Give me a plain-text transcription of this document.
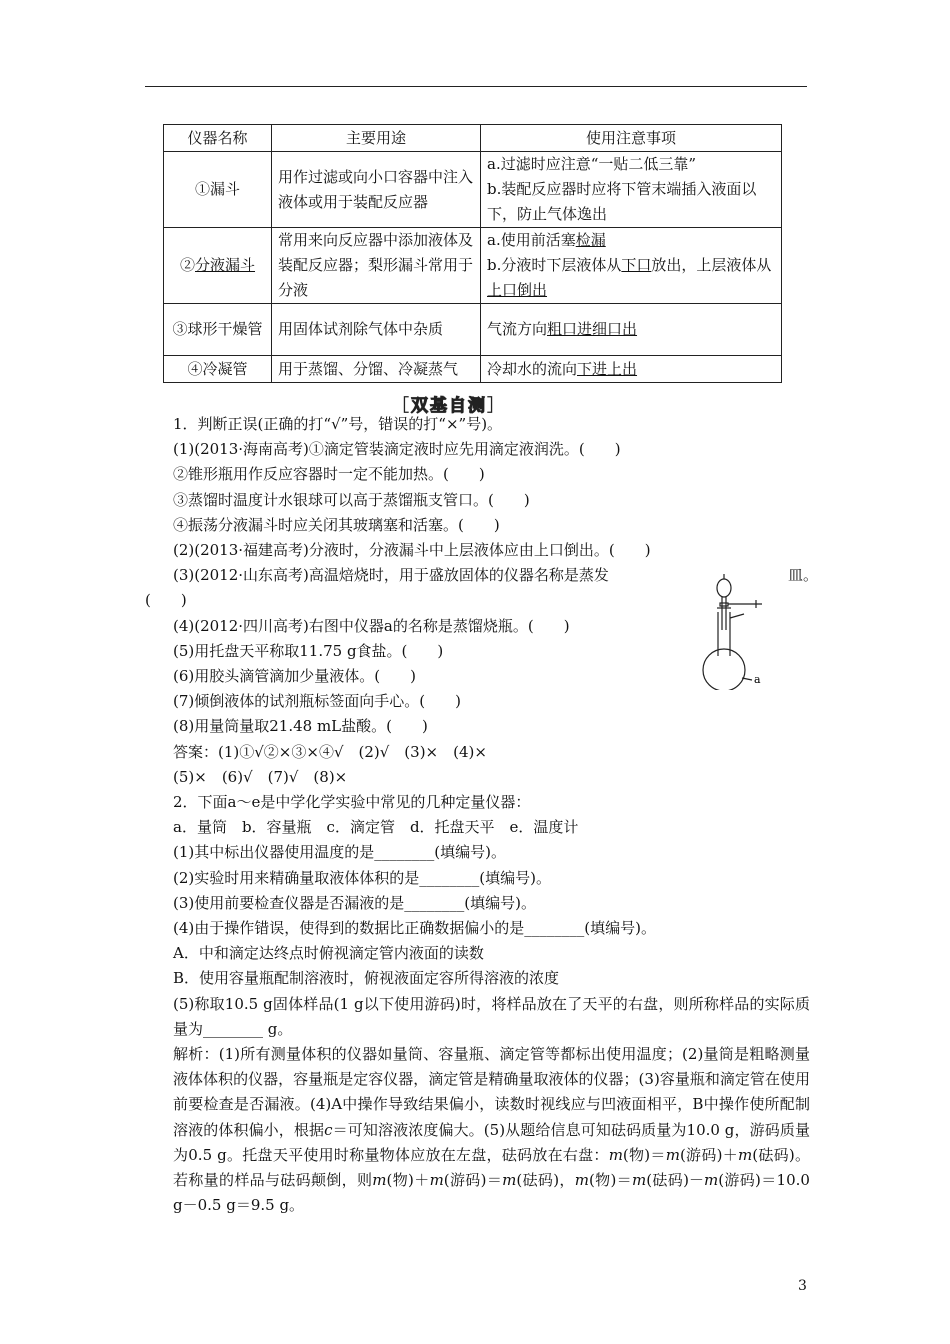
仪器名称	主要用途	使用注意事项
①漏斗	用作过滤或向小口容器中注入液体或用于装配反应器	a.过滤时应注意“一贴二低三靠”
b.装配反应器时应将下管末端插入液面以下，防止气体逸出

②分液漏斗	常用来向反应器中添加液体及装配反应器；梨形漏斗常用于分液	a.使用前活塞检漏
b.分液时下层液体从下口放出，上层液体从上口倒出

③球形干燥管	用固体试剂除气体中杂质	气流方向粗口进细口出
④冷凝管	用于蒸馏、分馏、冷凝蒸气	冷却水的流向下进上出
［双基自测］

1．判断正误(正确的打“√”号，错误的打“×”号)。

(1)(2013·海南高考)①滴定管装滴定液时应先用滴定液润洗。(　　)

②锥形瓶用作反应容器时一定不能加热。(　　)

③蒸馏时温度计水银球可以高于蒸馏瓶支管口。(　　)

④振荡分液漏斗时应关闭其玻璃塞和活塞。(　　)

(2)(2013·福建高考)分液时，分液漏斗中上层液体应由上口倒出。(　　)

(3)(2012·山东高考)高温焙烧时，用于盛放固体的仪器名称是蒸发	皿。

(　　)

(4)(2012·四川高考)右图中仪器a的名称是蒸馏烧瓶。(　　)

(5)用托盘天平称取11.75 g食盐。(　　)

(6)用胶头滴管滴加少量液体。(　　)

(7)倾倒液体的试剂瓶标签面向手心。(　　)

(8)用量筒量取21.48 mL盐酸。(　　)

答案：(1)①√②×③×④√　(2)√　(3)×　(4)×

(5)×　(6)√　(7)√　(8)×

2．下面a～e是中学化学实验中常见的几种定量仪器：

a．量筒　b．容量瓶　c．滴定管　d．托盘天平　e．温度计

(1)其中标出仪器使用温度的是________(填编号)。

(2)实验时用来精确量取液体体积的是________(填编号)。

(3)使用前要检查仪器是否漏液的是________(填编号)。

(4)由于操作错误，使得到的数据比正确数据偏小的是________(填编号)。

A．中和滴定达终点时俯视滴定管内液面的读数

B．使用容量瓶配制溶液时，俯视液面定容所得溶液的浓度

(5)称取10.5 g固体样品(1 g以下使用游码)时，将样品放在了天平的右盘，则所称样品的实际质量为________ g。

解析：(1)所有测量体积的仪器如量筒、容量瓶、滴定管等都标出使用温度；(2)量筒是粗略测量液体体积的仪器，容量瓶是定容仪器，滴定管是精确量取液体的仪器；(3)容量瓶和滴定管在使用前要检查是否漏液。(4)A中操作导致结果偏小，读数时视线应与凹液面相平，B中操作使所配制溶液的体积偏小，根据c＝可知溶液浓度偏大。(5)从题给信息可知砝码质量为10.0 g，游码质量为0.5 g。托盘天平使用时称量物体应放在左盘，砝码放在右盘：m(物)＝m(游码)＋m(砝码)。若称量的样品与砝码颠倒，则m(物)＋m(游码)＝m(砝码)，m(物)＝m(砝码)－m(游码)＝10.0 g－0.5 g＝9.5 g。

a
3
